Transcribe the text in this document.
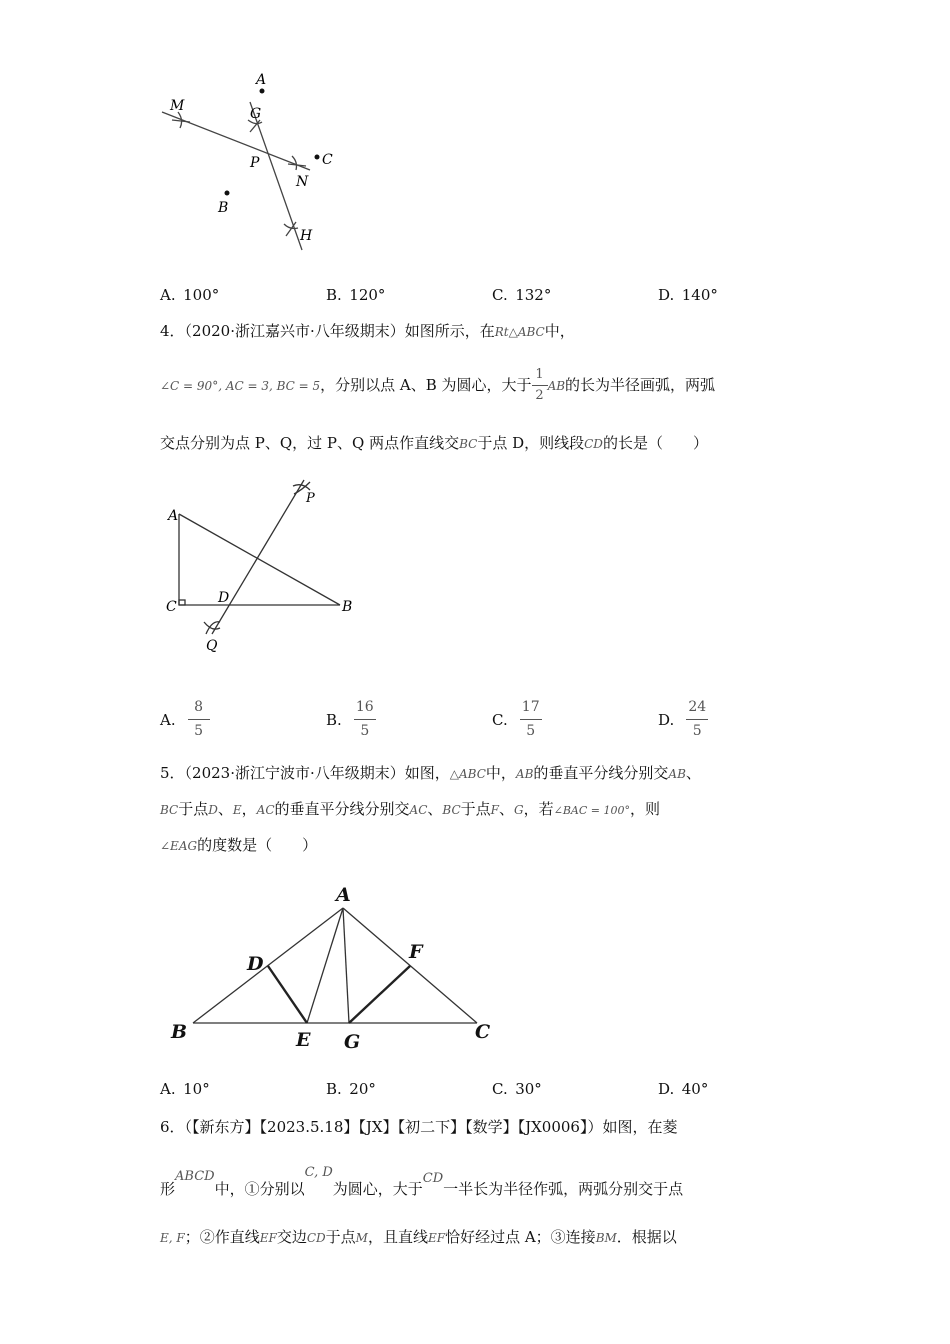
A
M	G
P	C
N
B
H
A.  100°	B.  120°	C.  132°	D.  140°
4．（2020·浙江嘉兴市·八年级期末）如图所示，在Rt△ABC中，
∠C = 90°, AC = 3, BC = 5，分别以点 A、B 为圆心，大于 $\frac{1}{2}$ AB的长为半径画弧，两弧
交点分别为点 P、Q，过 P、Q 两点作直线交BC于点 D，则线段CD的长是（　　）
A
C
D
B
P
Q
A. $\frac{8}{5}$	B. $\frac{16}{5}$	C. $\frac{17}{5}$	D. $\frac{24}{5}$
5．（2023·浙江宁波市·八年级期末）如图，△ABC中，AB的垂直平分线分别交AB、
BC于点D、E，AC的垂直平分线分别交AC、BC于点F、G，若∠BAC = 100°，则
∠EAG的度数是（　　）
A
B	C
D
E
F
G
A.  10°	B.  20°	C.  30°	D.  40°
6．（【新东方】【2023.5.18】【JX】【初二下】【数学】【JX0006】）如图，在菱
形ABCD中，①分别以C, D为圆心，大于CD一半长为半径作弧，两弧分别交于点
E, F；②作直线EF交边CD于点M，且直线EF恰好经过点 A；③连接BM．根据以
